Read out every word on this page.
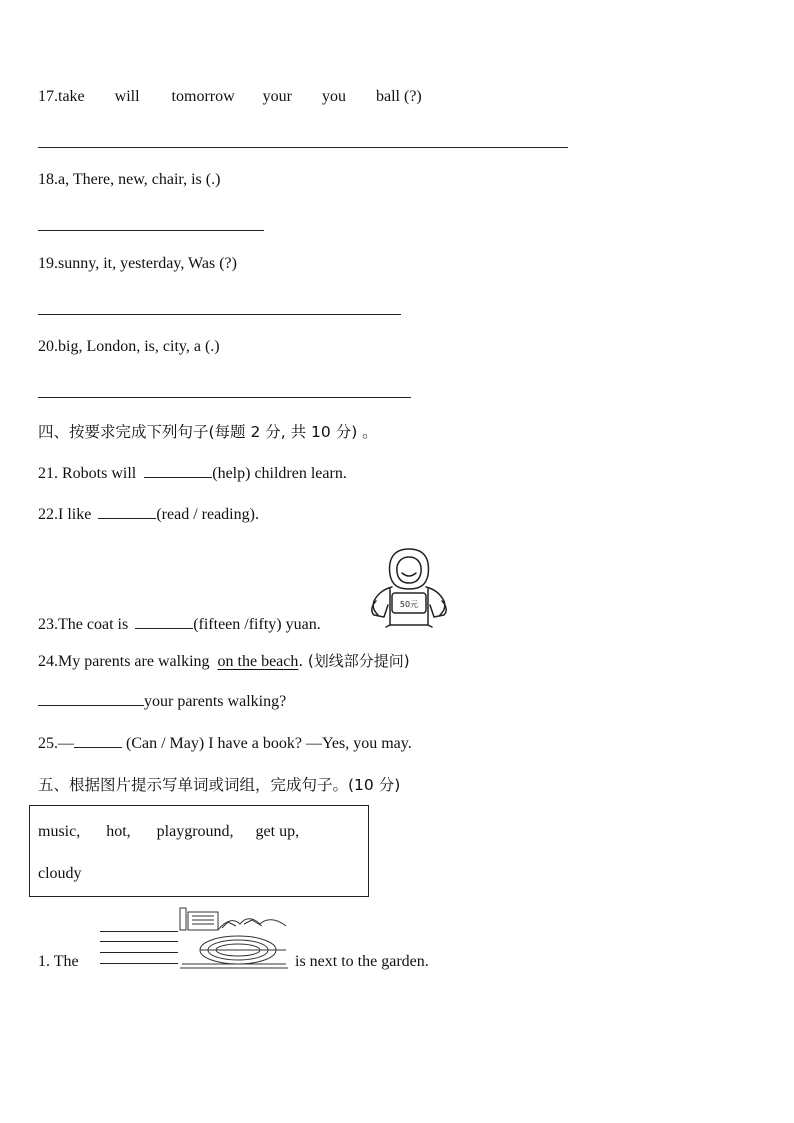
17.take will tomorrow your you ball (?)
18.a, There, new, chair, is (.)
19.sunny, it, yesterday, Was (?)
20.big, London, is, city, a (.)
四、按要求完成下列句子(每题 2 分, 共 10 分) 。
21. Robots will	(help) children learn.
22.I like	(read / reading).
23.The coat is	(fifteen /fifty) yuan.
50元
24.My parents are walking on the beach. (划线部分提问)
your parents walking?
25.—	(Can / May) I have a book? —Yes, you may.
五、根据图片提示写单词或词组，完成句子。(10 分)
music, hot, playground, get up,
cloudy
1. The	is next to the garden.
